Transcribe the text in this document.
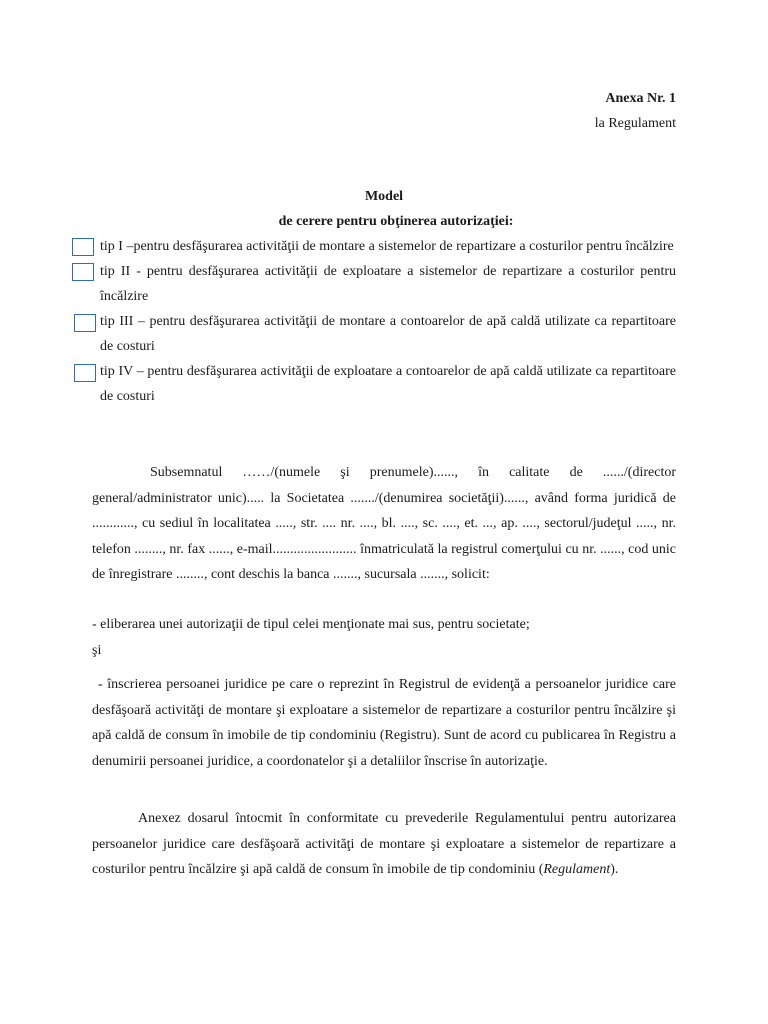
Anexa Nr. 1
la Regulament
Model
de cerere pentru obţinerea autorizaţiei:
tip I –pentru desfăşurarea activităţii de montare a sistemelor de repartizare a costurilor pentru încălzire
tip II - pentru desfăşurarea activităţii de exploatare a sistemelor de repartizare a costurilor pentru încălzire
tip III – pentru desfăşurarea activităţii de montare a contoarelor de apă caldă utilizate ca repartitoare de costuri
tip IV – pentru desfăşurarea activităţii de exploatare a contoarelor de apă caldă utilizate ca repartitoare de costuri
Subsemnatul ……/(numele şi prenumele)......, în calitate de ....../(director general/administrator unic)..... la Societatea ......./(denumirea societăţii)......, având forma juridică de ............, cu sediul în localitatea ....., str. .... nr. ...., bl. ...., sc. ...., et. ..., ap. ...., sectorul/judeţul ....., nr. telefon ........, nr. fax ......, e-mail........................ înmatriculată la registrul comerţului cu nr. ......, cod unic de înregistrare ........, cont deschis la banca ......., sucursala ......., solicit:
- eliberarea unei autorizaţii de tipul celei menţionate mai sus, pentru societate;
şi
- înscrierea persoanei juridice pe care o reprezint în Registrul de evidenţă a persoanelor juridice care desfăşoară activităţi de montare şi exploatare a sistemelor de repartizare a costurilor pentru încălzire şi apă caldă de consum în imobile de tip condominiu (Registru). Sunt de acord cu publicarea în Registru a denumirii persoanei juridice, a coordonatelor şi a detaliilor înscrise în autorizaţie.
Anexez dosarul întocmit în conformitate cu prevederile Regulamentului pentru autorizarea persoanelor juridice care desfăşoară activităţi de montare şi exploatare a sistemelor de repartizare a costurilor pentru încălzire şi apă caldă de consum în imobile de tip condominiu (Regulament).
